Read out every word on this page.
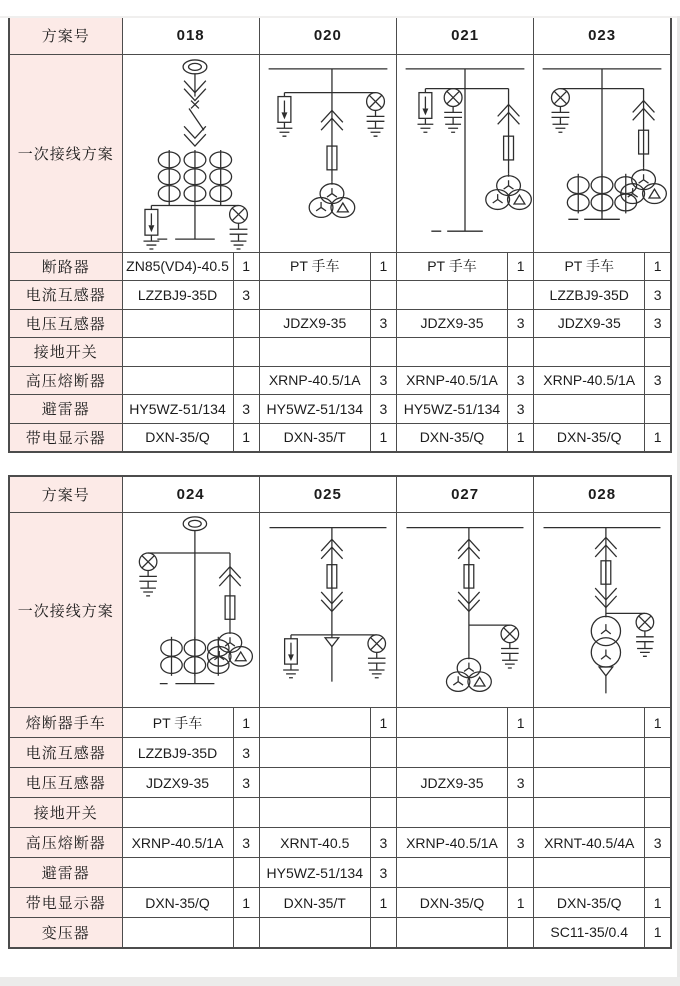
方案号	018		020		021		023	
一次接线方案	

断路器	ZN85(VD4)-40.5	1	PT 手车	1	PT 手车	1	PT 手车	1
电流互感器	LZZBJ9-35D	3					LZZBJ9-35D	3
电压互感器			JDZX9-35	3	JDZX9-35	3	JDZX9-35	3
接地开关								
高压熔断器			XRNP-40.5/1A	3	XRNP-40.5/1A	3	XRNP-40.5/1A	3
避雷器	HY5WZ-51/134	3	HY5WZ-51/134	3	HY5WZ-51/134	3		
带电显示器	DXN-35/Q	1	DXN-35/T	1	DXN-35/Q	1	DXN-35/Q	1
方案号	024		025		027		028	
一次接线方案	

熔断器手车	PT 手车	1		1		1		1
电流互感器	LZZBJ9-35D	3						
电压互感器	JDZX9-35	3			JDZX9-35	3		
接地开关								
高压熔断器	XRNP-40.5/1A	3	XRNT-40.5	3	XRNP-40.5/1A	3	XRNT-40.5/4A	3
避雷器			HY5WZ-51/134	3				
带电显示器	DXN-35/Q	1	DXN-35/T	1	DXN-35/Q	1	DXN-35/Q	1
变压器							SC11-35/0.4	1
